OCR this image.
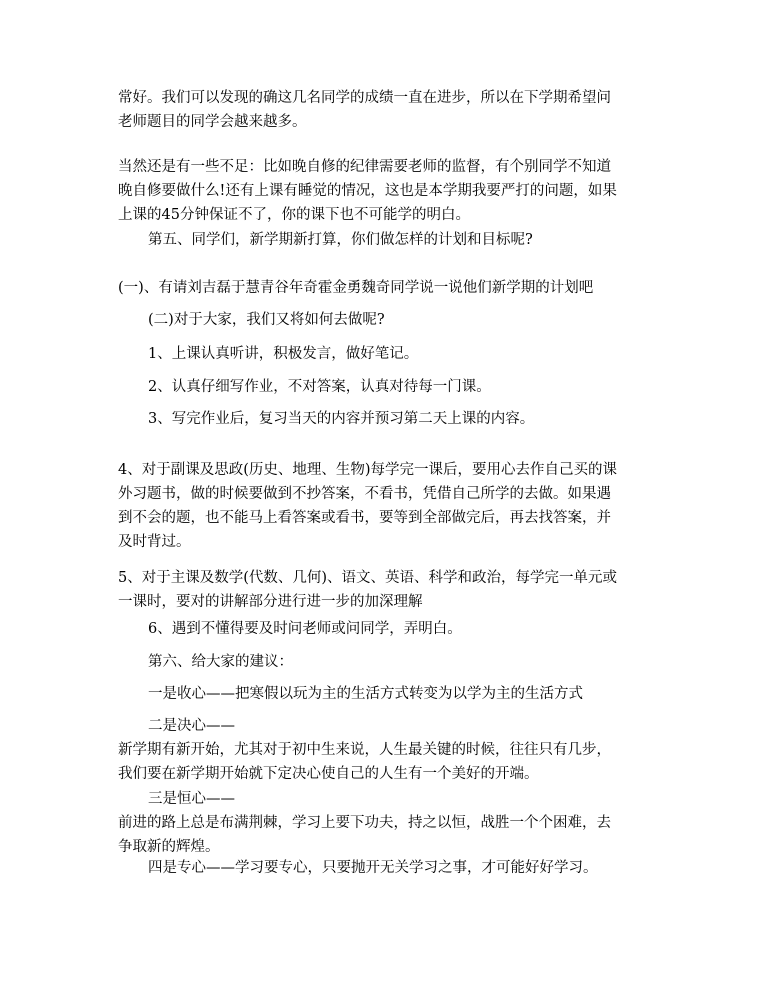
常好。我们可以发现的确这几名同学的成绩一直在进步，所以在下学期希望问
老师题目的同学会越来越多。
当然还是有一些不足：比如晚自修的纪律需要老师的监督，有个别同学不知道
晚自修要做什么!还有上课有睡觉的情况，这也是本学期我要严打的问题，如果
上课的45分钟保证不了，你的课下也不可能学的明白。
第五、同学们，新学期新打算，你们做怎样的计划和目标呢?
(一)、有请刘吉磊于慧青谷年奇霍金勇魏奇同学说一说他们新学期的计划吧
(二)对于大家，我们又将如何去做呢?
1、上课认真听讲，积极发言，做好笔记。
2、认真仔细写作业，不对答案，认真对待每一门课。
3、写完作业后，复习当天的内容并预习第二天上课的内容。
4、对于副课及思政(历史、地理、生物)每学完一课后，要用心去作自己买的课
外习题书，做的时候要做到不抄答案，不看书，凭借自己所学的去做。如果遇
到不会的题，也不能马上看答案或看书，要等到全部做完后，再去找答案，并
及时背过。
5、对于主课及数学(代数、几何)、语文、英语、科学和政治，每学完一单元或
一课时，要对的讲解部分进行进一步的加深理解
6、遇到不懂得要及时问老师或问同学，弄明白。
第六、给大家的建议：
一是收心——把寒假以玩为主的生活方式转变为以学为主的生活方式
二是决心——
新学期有新开始，尤其对于初中生来说，人生最关键的时候，往往只有几步，
我们要在新学期开始就下定决心使自己的人生有一个美好的开端。
三是恒心——
前进的路上总是布满荆棘，学习上要下功夫，持之以恒，战胜一个个困难，去
争取新的辉煌。
四是专心——学习要专心，只要抛开无关学习之事，才可能好好学习。
